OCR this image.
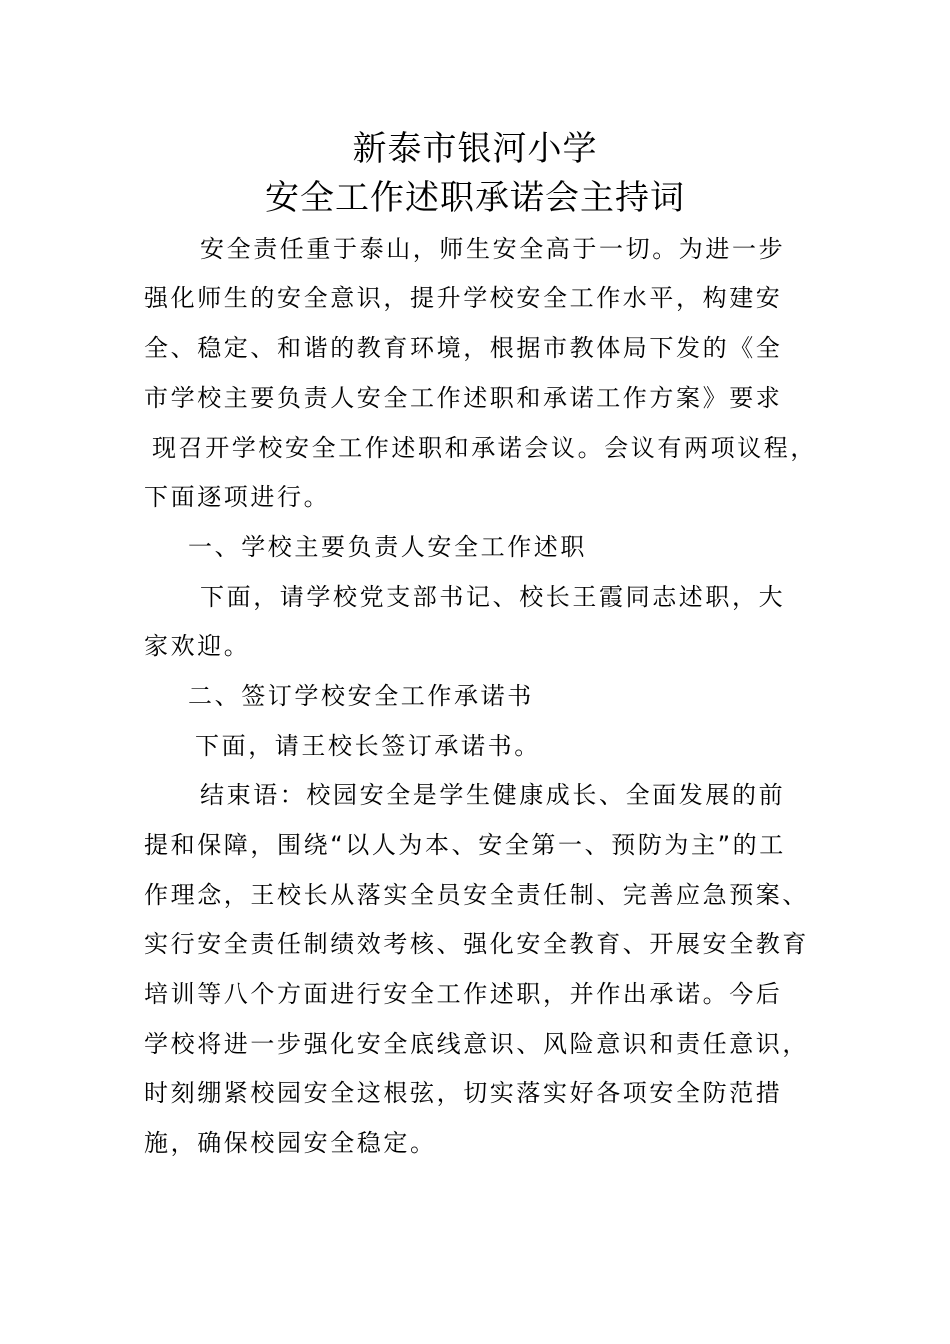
新泰市银河小学
安全工作述职承诺会主持词
安全责任重于泰山，师生安全高于一切。为进一步
强化师生的安全意识，提升学校安全工作水平，构建安
全、稳定、和谐的教育环境，根据市教体局下发的《全
市学校主要负责人安全工作述职和承诺工作方案》要求
现召开学校安全工作述职和承诺会议。会议有两项议程，
下面逐项进行。
一、学校主要负责人安全工作述职
下面，请学校党支部书记、校长王霞同志述职，大
家欢迎。
二、签订学校安全工作承诺书
下面，请王校长签订承诺书。
结束语：校园安全是学生健康成长、全面发展的前
提和保障，围绕“以人为本、安全第一、预防为主”的工
作理念，王校长从落实全员安全责任制、完善应急预案、
实行安全责任制绩效考核、强化安全教育、开展安全教育
培训等八个方面进行安全工作述职，并作出承诺。今后
学校将进一步强化安全底线意识、风险意识和责任意识，
时刻绷紧校园安全这根弦，切实落实好各项安全防范措
施，确保校园安全稳定。
